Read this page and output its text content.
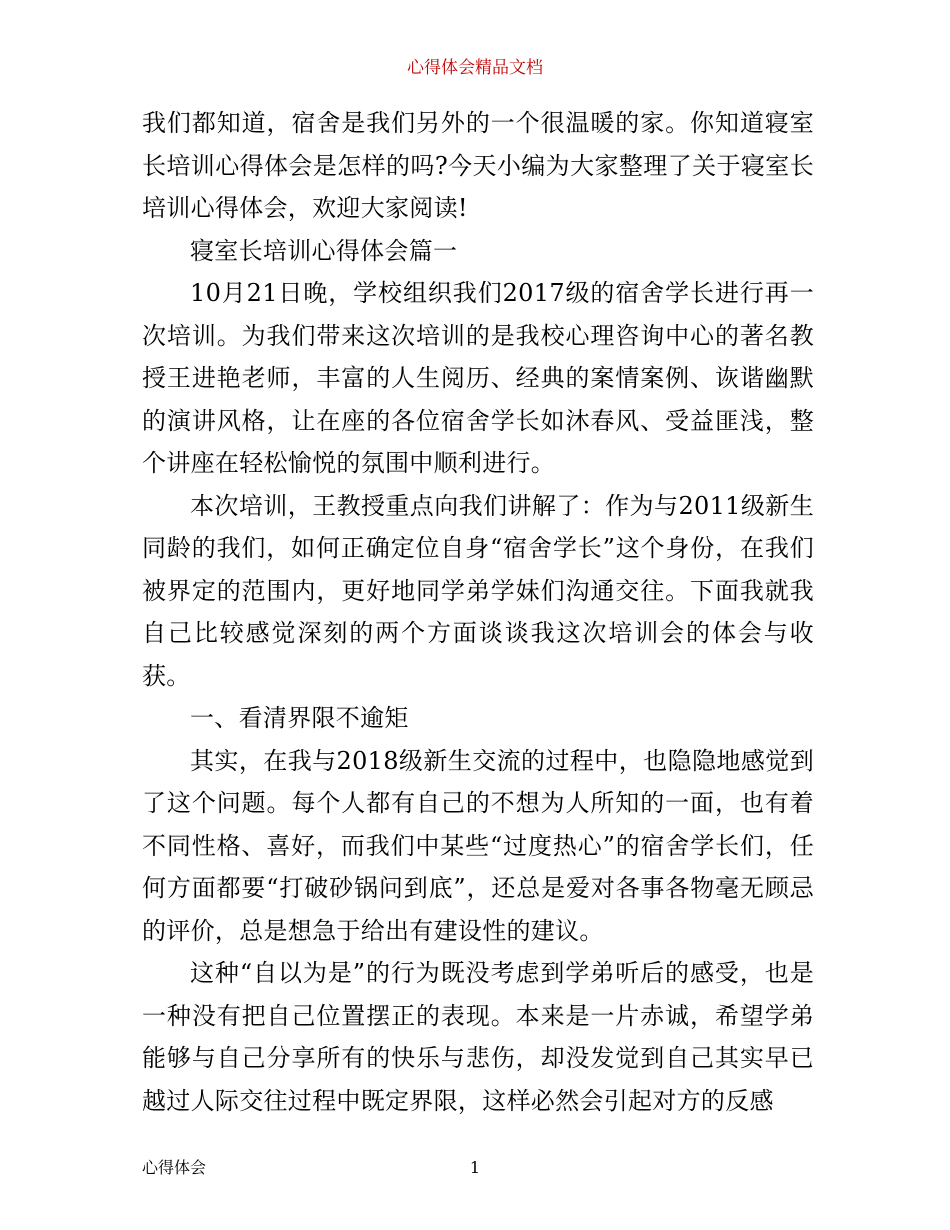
心得体会精品文档

我们都知道，宿舍是我们另外的一个很温暖的家。你知道寝室长培训心得体会是怎样的吗?今天小编为大家整理了关于寝室长培训心得体会，欢迎大家阅读!

寝室长培训心得体会篇一

10月21日晚，学校组织我们2017级的宿舍学长进行再一次培训。为我们带来这次培训的是我校心理咨询中心的著名教授王进艳老师，丰富的人生阅历、经典的案情案例、诙谐幽默的演讲风格，让在座的各位宿舍学长如沐春风、受益匪浅，整个讲座在轻松愉悦的氛围中顺利进行。

本次培训，王教授重点向我们讲解了：作为与2011级新生同龄的我们，如何正确定位自身“宿舍学长”这个身份，在我们被界定的范围内，更好地同学弟学妹们沟通交往。下面我就我自己比较感觉深刻的两个方面谈谈我这次培训会的体会与收获。

一、看清界限不逾矩

其实，在我与2018级新生交流的过程中，也隐隐地感觉到了这个问题。每个人都有自己的不想为人所知的一面，也有着不同性格、喜好，而我们中某些“过度热心”的宿舍学长们，任何方面都要“打破砂锅问到底”，还总是爱对各事各物毫无顾忌的评价，总是想急于给出有建设性的建议。

这种“自以为是”的行为既没考虑到学弟听后的感受，也是一种没有把自己位置摆正的表现。本来是一片赤诚，希望学弟能够与自己分享所有的快乐与悲伤，却没发觉到自己其实早已越过人际交往过程中既定界限，这样必然会引起对方的反感

心得体会	1
